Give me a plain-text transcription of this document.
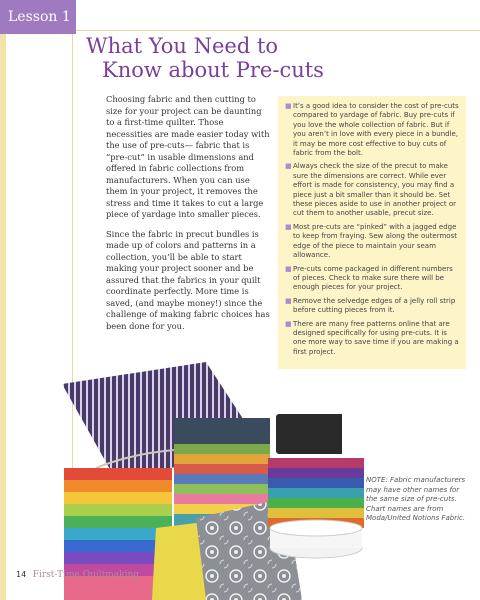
Lesson 1
What You Need to
Know about Pre-cuts

Choosing fabric and then cutting to size for your project can be daunting to a first-time quilter. Those necessities are made easier today with the use of pre-cuts— fabric that is “pre-cut” in usable dimensions and offered in fabric collections from manufacturers. When you can use them in your project, it removes the stress and time it takes to cut a large piece of yardage into smaller pieces.

Since the fabric in precut bundles is made up of colors and patterns in a collection, you’ll be able to start making your project sooner and be assured that the fabrics in your quilt coordinate perfectly. More time is saved, (and maybe money!) since the challenge of making fabric choices has been done for you.

■ It’s a good idea to consider the cost of pre-cuts compared to yardage of fabric. Buy pre-cuts if you love the whole collection of fabric. But if you aren’t in love with every piece in a bundle, it may be more cost effective to buy cuts of fabric from the bolt.
■ Always check the size of the precut to make sure the dimensions are correct. While ever effort is made for consistency, you may find a piece just a bit smaller than it should be. Set these pieces aside to use in another project or cut them to another usable, precut size.
■ Most pre-cuts are “pinked” with a jagged edge to keep from fraying. Sew along the outermost edge of the piece to maintain your seam allowance.
■ Pre-cuts come packaged in different numbers of pieces. Check to make sure there will be enough pieces for your project.
■ Remove the selvedge edges of a jelly roll strip before cutting pieces from it.
■ There are many free patterns online that are designed specifically for using pre-cuts. It is one more way to save time if you are making a first project.
NOTE: Fabric manufacturers may have other names for the same size of pre-cuts. Chart names are from Moda/United Notions Fabric.
14 First-Time Quiltmaking
